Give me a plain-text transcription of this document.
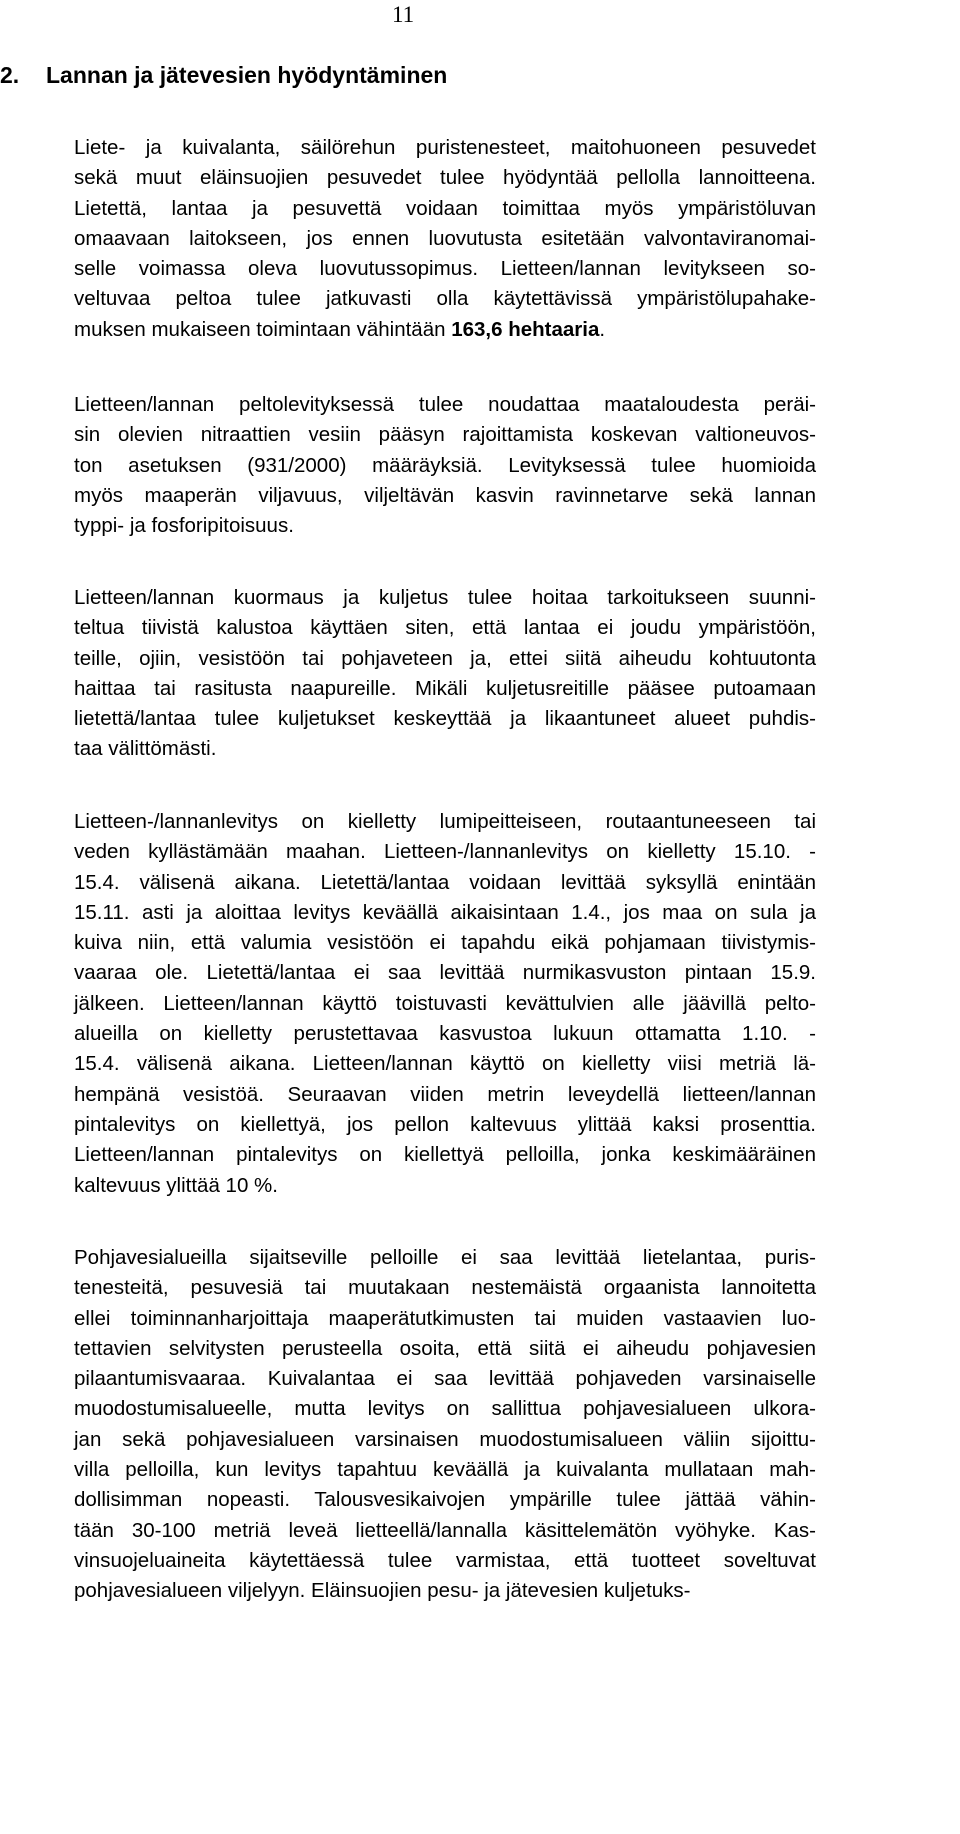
11
2. Lannan ja jätevesien hyödyntäminen
Liete- ja kuivalanta, säilörehun puristenesteet, maitohuoneen pesuvedet
sekä muut eläinsuojien pesuvedet tulee hyödyntää pellolla lannoitteena.
Lietettä, lantaa ja pesuvettä voidaan toimittaa myös ympäristöluvan
omaavaan laitokseen, jos ennen luovutusta esitetään valvontaviranomai-
selle voimassa oleva luovutussopimus. Lietteen/lannan levitykseen so-
veltuvaa peltoa tulee jatkuvasti olla käytettävissä ympäristölupahake-
muksen mukaiseen toimintaan vähintään 163,6 hehtaaria.
Lietteen/lannan peltolevityksessä tulee noudattaa maataloudesta peräi-
sin olevien nitraattien vesiin pääsyn rajoittamista koskevan valtioneuvos-
ton asetuksen (931/2000) määräyksiä. Levityksessä tulee huomioida
myös maaperän viljavuus, viljeltävän kasvin ravinnetarve sekä lannan
typpi- ja fosforipitoisuus.
Lietteen/lannan kuormaus ja kuljetus tulee hoitaa tarkoitukseen suunni-
teltua tiivistä kalustoa käyttäen siten, että lantaa ei joudu ympäristöön,
teille, ojiin, vesistöön tai pohjaveteen ja, ettei siitä aiheudu kohtuutonta
haittaa tai rasitusta naapureille. Mikäli kuljetusreitille pääsee putoamaan
lietettä/lantaa tulee kuljetukset keskeyttää ja likaantuneet alueet puhdis-
taa välittömästi.
Lietteen-/lannanlevitys on kielletty lumipeitteiseen, routaantuneeseen tai
veden kyllästämään maahan. Lietteen-/lannanlevitys on kielletty 15.10. -
15.4. välisenä aikana. Lietettä/lantaa voidaan levittää syksyllä enintään
15.11. asti ja aloittaa levitys keväällä aikaisintaan 1.4., jos maa on sula ja
kuiva niin, että valumia vesistöön ei tapahdu eikä pohjamaan tiivistymis-
vaaraa ole. Lietettä/lantaa ei saa levittää nurmikasvuston pintaan 15.9.
jälkeen. Lietteen/lannan käyttö toistuvasti kevättulvien alle jäävillä pelto-
alueilla on kielletty perustettavaa kasvustoa lukuun ottamatta 1.10. -
15.4. välisenä aikana. Lietteen/lannan käyttö on kielletty viisi metriä lä-
hempänä vesistöä. Seuraavan viiden metrin leveydellä lietteen/lannan
pintalevitys on kiellettyä, jos pellon kaltevuus ylittää kaksi prosenttia.
Lietteen/lannan pintalevitys on kiellettyä pelloilla, jonka keskimääräinen
kaltevuus ylittää 10 %.
Pohjavesialueilla sijaitseville pelloille ei saa levittää lietelantaa, puris-
tenesteitä, pesuvesiä tai muutakaan nestemäistä orgaanista lannoitetta
ellei toiminnanharjoittaja maaperätutkimusten tai muiden vastaavien luo-
tettavien selvitysten perusteella osoita, että siitä ei aiheudu pohjavesien
pilaantumisvaaraa. Kuivalantaa ei saa levittää pohjaveden varsinaiselle
muodostumisalueelle, mutta levitys on sallittua pohjavesialueen ulkora-
jan sekä pohjavesialueen varsinaisen muodostumisalueen väliin sijoittu-
villa pelloilla, kun levitys tapahtuu keväällä ja kuivalanta mullataan mah-
dollisimman nopeasti. Talousvesikaivojen ympärille tulee jättää vähin-
tään 30-100 metriä leveä lietteellä/lannalla käsittelemätön vyöhyke. Kas-
vinsuojeluaineita käytettäessä tulee varmistaa, että tuotteet soveltuvat
pohjavesialueen viljelyyn. Eläinsuojien pesu- ja jätevesien kuljetuks-
